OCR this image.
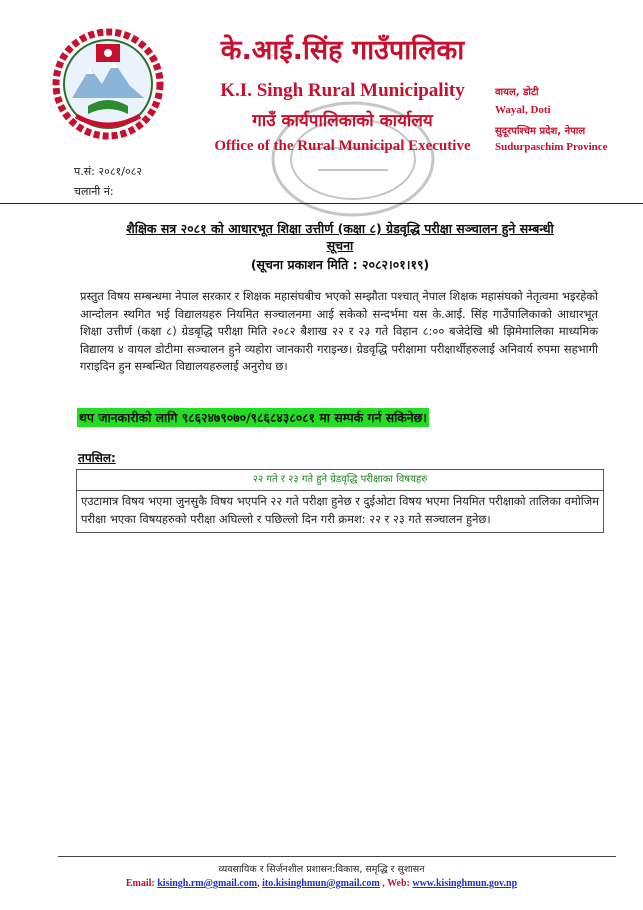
के.आई.सिंह गाउँपालिका
K.I. Singh Rural Municipality
गाउँ कार्यपालिकाको कार्यालय
Office of the Rural Municipal Executive
वायल, डोटी
Wayal, Doti
सुदूरपश्चिम प्रदेश, नेपाल
Sudurpaschim Province
प.सं: २०८१/०८२
चलानी नं:
शैक्षिक सत्र २०८१ को आधारभूत शिक्षा उत्तीर्ण (कक्षा ८) ग्रेडवृद्धि परीक्षा सञ्चालन हुने सम्बन्धी
सूचना
(सूचना प्रकाशन मिति : २०८२।०१।१९)
प्रस्तुत विषय सम्बन्धमा नेपाल सरकार र शिक्षक महासंघबीच भएको सम्झौता पश्चात् नेपाल शिक्षक महासंघको नेतृत्वमा भइरहेको आन्दोलन स्थगित भई विद्यालयहरु नियमित सञ्चालनमा आई सकेको सन्दर्भमा यस के.आई. सिंह गाउँपालिकाको आधारभूत शिक्षा उत्तीर्ण (कक्षा ८) ग्रेडबृद्धि परीक्षा मिति २०८२ बैशाख २२ र २३ गते विहान ८:०० बजेदेखि श्री झिमेमालिका माध्यमिक विद्यालय ४ वायल डोटीमा सञ्चालन हुने व्यहोरा जानकारी गराइन्छ। ग्रेडवृद्धि परीक्षामा परीक्षार्थीहरुलाई अनिवार्य रुपमा सहभागी गराइदिन हुन सम्बन्धित विद्यालयहरुलाई अनुरोध छ।
थप जानकारीको लागि ९८६२४७९०७०/९८६८४३८०८१ मा सम्पर्क गर्न सकिनेछ।
तपसिल:
२२ गते र २३ गते हुने ग्रेडवृद्धि परीक्षाका विषयहरु
एउटामात्र विषय भएमा जुनसुकै विषय भएपनि २२ गते परीक्षा हुनेछ र दुईओटा विषय भएमा नियमित परीक्षाको तालिका वमोजिम परीक्षा भएका विषयहरुको परीक्षा अघिल्लो र पछिल्लो दिन गरी क्रमश: २२ र २३ गते सञ्चालन हुनेछ।
व्यवसायिक र सिर्जनशील प्रशासन:विकास, समृद्धि र सुशासन
Email: kisingh.rm@gmail.com, ito.kisinghmun@gmail.com , Web: www.kisinghmun.gov.np
